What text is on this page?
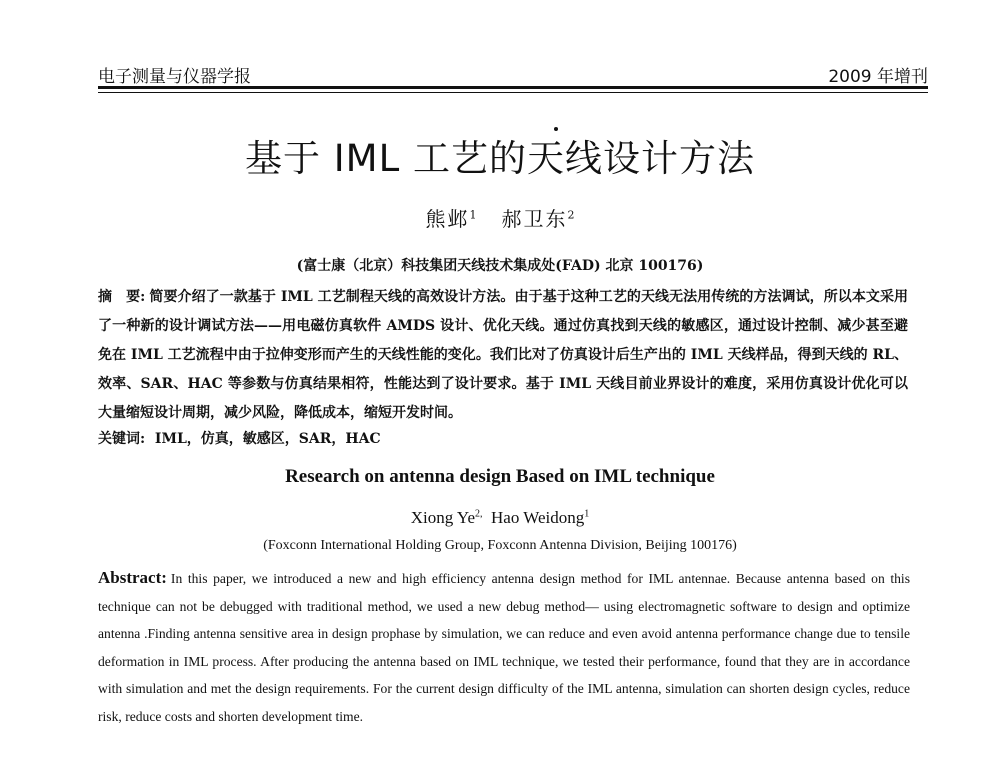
电子测量与仪器学报	2009 年增刊
基于 IML 工艺的天线设计方法
熊邺$^1$ 郝卫东$^2$
(富士康（北京）科技集团天线技术集成处(FAD) 北京 100176)
摘　要: 简要介绍了一款基于 IML 工艺制程天线的高效设计方法。由于基于这种工艺的天线无法用传统的方法调试，所以本文采用了一种新的设计调试方法——用电磁仿真软件 AMDS 设计、优化天线。通过仿真找到天线的敏感区，通过设计控制、减少甚至避免在 IML 工艺流程中由于拉伸变形而产生的天线性能的变化。我们比对了仿真设计后生产出的 IML 天线样品，得到天线的 RL、效率、SAR、HAC 等参数与仿真结果相符，性能达到了设计要求。基于 IML 天线目前业界设计的难度，采用仿真设计优化可以大量缩短设计周期，减少风险，降低成本，缩短开发时间。
关键词: IML，仿真，敏感区，SAR，HAC
Research on antenna design Based on IML technique
Xiong $Ye^{2,}$ Hao Weidong$^1$
(Foxconn International Holding Group, Foxconn Antenna Division, Beijing 100176)
Abstract: In this paper, we introduced a new and high efficiency antenna design method for IML antennae. Because antenna based on this technique can not be debugged with traditional method, we used a new debug method— using electromagnetic software to design and optimize antenna .Finding antenna sensitive area in design prophase by simulation, we can reduce and even avoid antenna performance change due to tensile deformation in IML process. After producing the antenna based on IML technique, we tested their performance, found that they are in accordance with simulation and met the design requirements. For the current design difficulty of the IML antenna, simulation can shorten design cycles, reduce risk, reduce costs and shorten development time.
